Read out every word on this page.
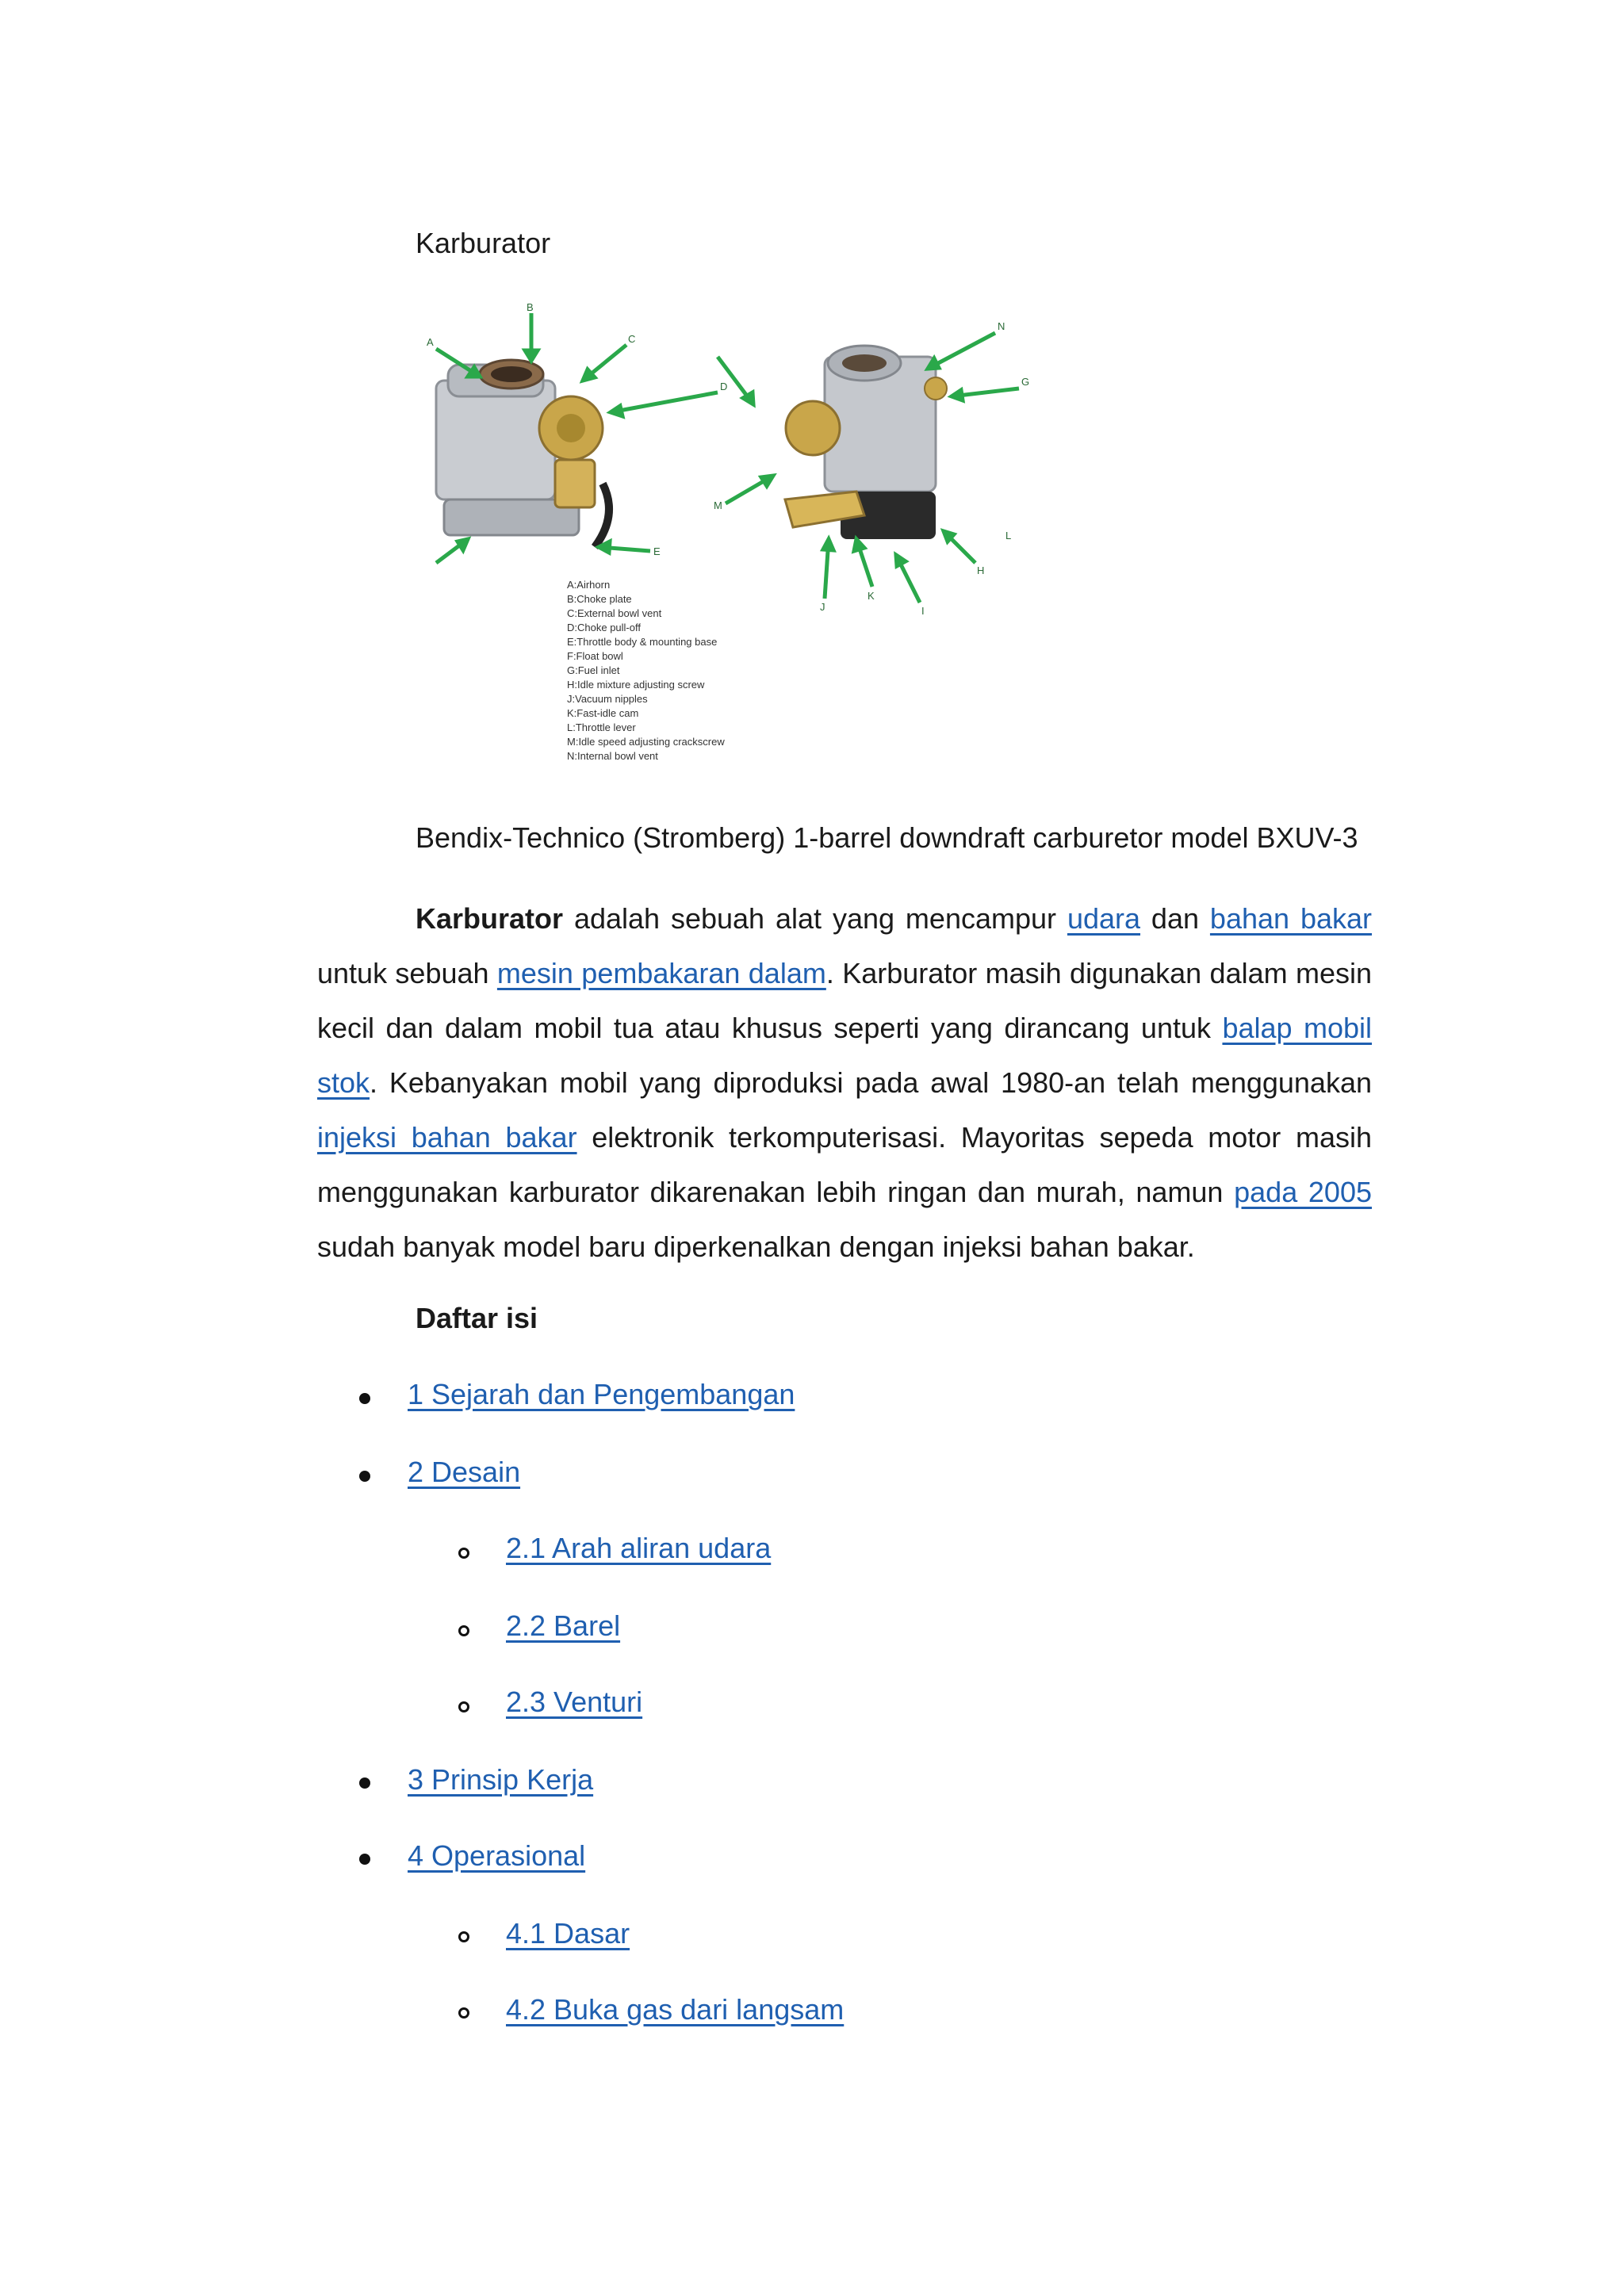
Karburator
A
B
C
D
E
N
G
M
H
I
J
K
L
A:Airhorn
B:Choke plate
C:External bowl vent
D:Choke pull-off
E:Throttle body & mounting base
F:Float bowl
G:Fuel inlet
H:Idle mixture adjusting screw
J:Vacuum nipples
K:Fast-idle cam
L:Throttle lever
M:Idle speed adjusting crackscrew
N:Internal bowl vent
Bendix-Technico (Stromberg) 1-barrel downdraft carburetor model BXUV-3
Karburator adalah sebuah alat yang mencampur udara dan bahan bakar untuk sebuah mesin pembakaran dalam. Karburator masih digunakan dalam mesin kecil dan dalam mobil tua atau khusus seperti yang dirancang untuk balap mobil stok. Kebanyakan mobil yang diproduksi pada awal 1980-an telah menggunakan injeksi bahan bakar elektronik terkomputerisasi. Mayoritas sepeda motor masih menggunakan karburator dikarenakan lebih ringan dan murah, namun pada 2005 sudah banyak model baru diperkenalkan dengan injeksi bahan bakar.
Daftar isi
1 Sejarah dan Pengembangan
2 Desain
2.1 Arah aliran udara
2.2 Barel
2.3 Venturi
3 Prinsip Kerja
4 Operasional
4.1 Dasar
4.2 Buka gas dari langsam
